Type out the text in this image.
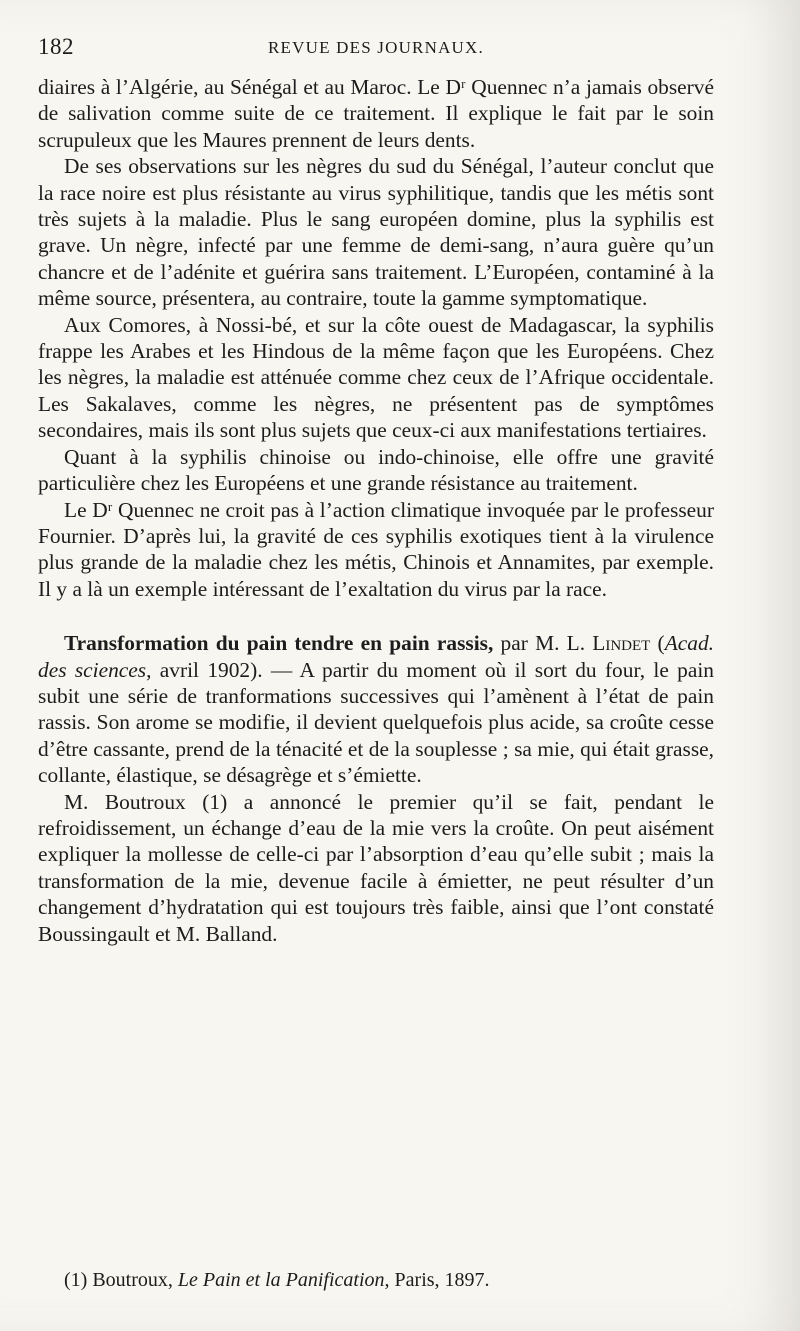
182	REVUE DES JOURNAUX.

diaires à l’Algérie, au Sénégal et au Maroc. Le Dʳ Quennec n’a jamais observé de salivation comme suite de ce traitement. Il explique le fait par le soin scrupuleux que les Maures prennent de leurs dents.

De ses observations sur les nègres du sud du Sénégal, l’auteur conclut que la race noire est plus résistante au virus syphilitique, tandis que les métis sont très sujets à la maladie. Plus le sang européen domine, plus la syphilis est grave. Un nègre, infecté par une femme de demi-sang, n’aura guère qu’un chancre et de l’adénite et guérira sans traitement. L’Européen, contaminé à la même source, présentera, au contraire, toute la gamme symptomatique.

Aux Comores, à Nossi-bé, et sur la côte ouest de Madagascar, la syphilis frappe les Arabes et les Hindous de la même façon que les Européens. Chez les nègres, la maladie est atténuée comme chez ceux de l’Afrique occidentale. Les Sakalaves, comme les nègres, ne présentent pas de symptômes secondaires, mais ils sont plus sujets que ceux-ci aux manifestations tertiaires.

Quant à la syphilis chinoise ou indo-chinoise, elle offre une gravité particulière chez les Européens et une grande résistance au traitement.

Le Dʳ Quennec ne croit pas à l’action climatique invoquée par le professeur Fournier. D’après lui, la gravité de ces syphilis exotiques tient à la virulence plus grande de la maladie chez les métis, Chinois et Annamites, par exemple. Il y a là un exemple intéressant de l’exaltation du virus par la race.

Transformation du pain tendre en pain rassis, par M. L. Lindet (Acad. des sciences, avril 1902). — A partir du moment où il sort du four, le pain subit une série de tranformations successives qui l’amènent à l’état de pain rassis. Son arome se modifie, il devient quelquefois plus acide, sa croûte cesse d’être cassante, prend de la ténacité et de la souplesse ; sa mie, qui était grasse, collante, élastique, se désagrège et s’émiette.

M. Boutroux (1) a annoncé le premier qu’il se fait, pendant le refroidissement, un échange d’eau de la mie vers la croûte. On peut aisément expliquer la mollesse de celle-ci par l’absorption d’eau qu’elle subit ; mais la transformation de la mie, devenue facile à émietter, ne peut résulter d’un changement d’hydratation qui est toujours très faible, ainsi que l’ont constaté Boussingault et M. Balland.

(1) Boutroux, Le Pain et la Panification, Paris, 1897.
